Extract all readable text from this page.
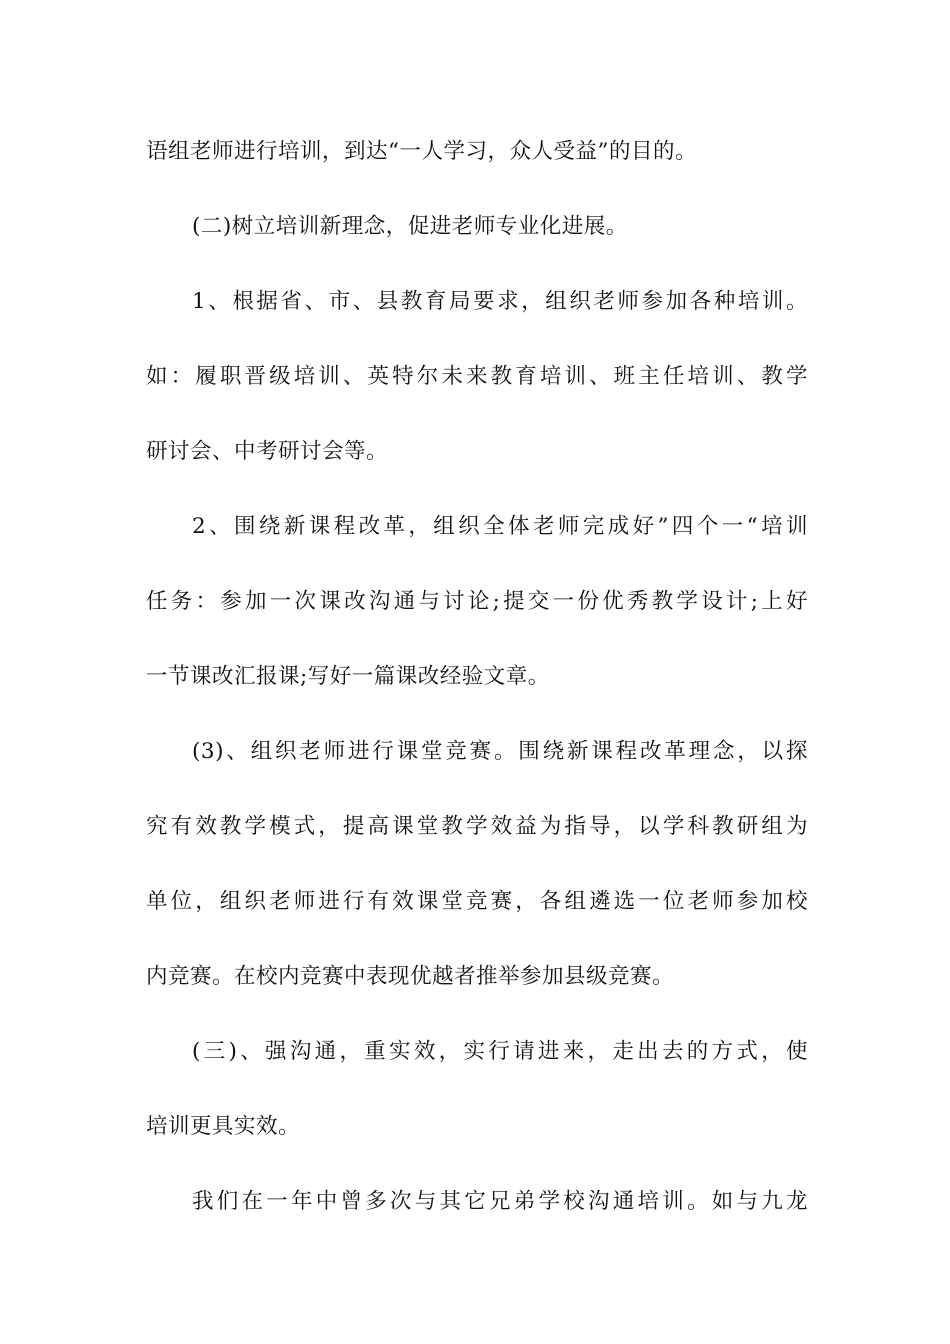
语组老师进行培训，到达“一人学习，众人受益”的目的。
(二)树立培训新理念，促进老师专业化进展。
1、根据省、市、县教育局要求，组织老师参加各种培训。
如：履职晋级培训、英特尔未来教育培训、班主任培训、教学
研讨会、中考研讨会等。
2、围绕新课程改革，组织全体老师完成好”四个一“培训
任务：参加一次课改沟通与讨论;提交一份优秀教学设计;上好
一节课改汇报课;写好一篇课改经验文章。
(3)、组织老师进行课堂竞赛。围绕新课程改革理念，以探
究有效教学模式，提高课堂教学效益为指导，以学科教研组为
单位，组织老师进行有效课堂竞赛，各组遴选一位老师参加校
内竞赛。在校内竞赛中表现优越者推举参加县级竞赛。
(三)、强沟通，重实效，实行请进来，走出去的方式，使
培训更具实效。
我们在一年中曾多次与其它兄弟学校沟通培训。如与九龙
